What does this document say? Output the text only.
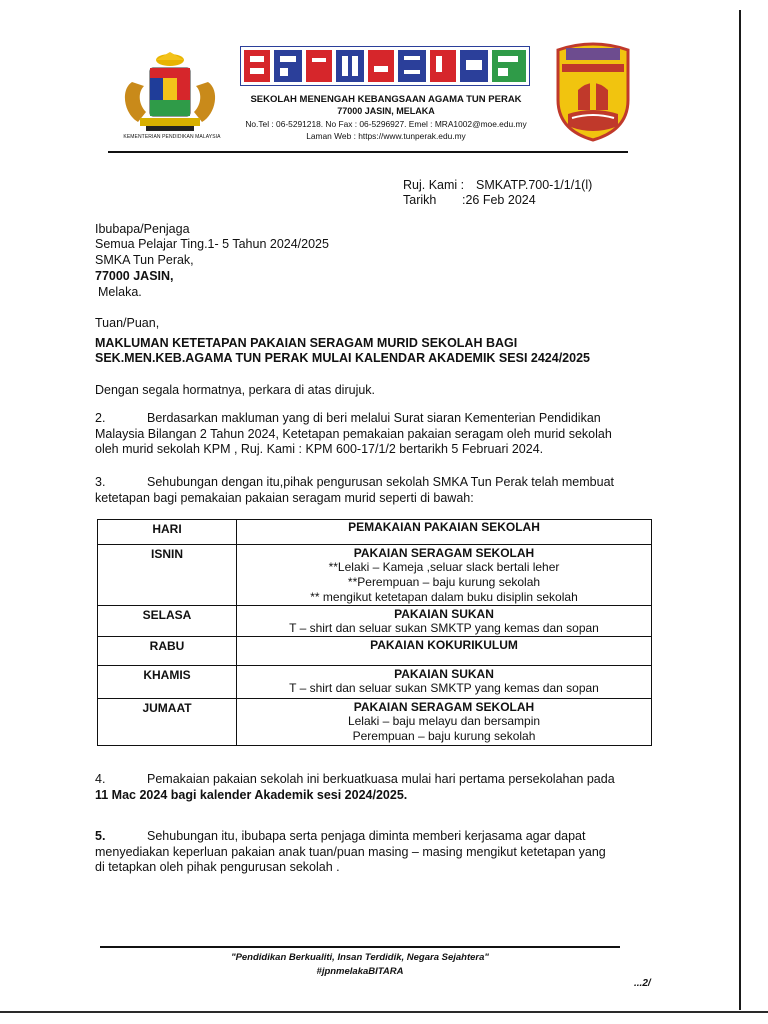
KEMENTERIAN PENDIDIKAN MALAYSIA
SEKOLAH MENENGAH KEBANGSAAN AGAMA TUN PERAK
77000 JASIN, MELAKA
No.Tel : 06-5291218. No Fax : 06-5296927. Emel : MRA1002@moe.edu.my
Laman Web : https://www.tunperak.edu.my
Ruj. Kami : SMKATP.700-1/1/1(l)
Tarikh :26 Feb 2024
Ibubapa/Penjaga
Semua Pelajar Ting.1- 5 Tahun 2024/2025
SMKA Tun Perak,
77000 JASIN,
Melaka.
Tuan/Puan,
MAKLUMAN KETETAPAN PAKAIAN SERAGAM MURID SEKOLAH BAGI
SEK.MEN.KEB.AGAMA TUN PERAK MULAI KALENDAR AKADEMIK SESI 2424/2025
Dengan segala hormatnya, perkara di atas dirujuk.
2.	Berdasarkan makluman yang di beri melalui Surat siaran Kementerian Pendidikan
Malaysia Bilangan 2 Tahun 2024, Ketetapan pemakaian pakaian seragam oleh murid sekolah
oleh murid sekolah KPM , Ruj. Kami : KPM 600-17/1/2 bertarikh 5 Februari 2024.
3.	Sehubungan dengan itu,pihak pengurusan sekolah SMKA Tun Perak telah membuat
ketetapan bagi pemakaian pakaian seragam murid seperti di bawah:
HARI	PEMAKAIAN PAKAIAN SEKOLAH
ISNIN	PAKAIAN SERAGAM SEKOLAH
**Lelaki – Kameja ,seluar slack bertali leher
**Perempuan – baju kurung sekolah
** mengikut ketetapan dalam buku disiplin sekolah

SELASA	PAKAIAN SUKAN
T – shirt dan seluar sukan SMKTP yang kemas dan sopan

RABU	PAKAIAN KOKURIKULUM

KHAMIS	PAKAIAN SUKAN
T – shirt dan seluar sukan SMKTP yang kemas dan sopan

JUMAAT	PAKAIAN SERAGAM SEKOLAH
Lelaki – baju melayu dan bersampin
Perempuan – baju kurung sekolah
4.	Pemakaian pakaian sekolah ini berkuatkuasa mulai hari pertama persekolahan pada
11 Mac 2024 bagi kalender Akademik sesi 2024/2025.
5.	Sehubungan itu, ibubapa serta penjaga diminta memberi kerjasama agar dapat
menyediakan keperluan pakaian anak tuan/puan masing – masing mengikut ketetapan yang
di tetapkan oleh pihak pengurusan sekolah .
"Pendidikan Berkualiti, Insan Terdidik, Negara Sejahtera"
#jpnmelakaBITARA
...2/
